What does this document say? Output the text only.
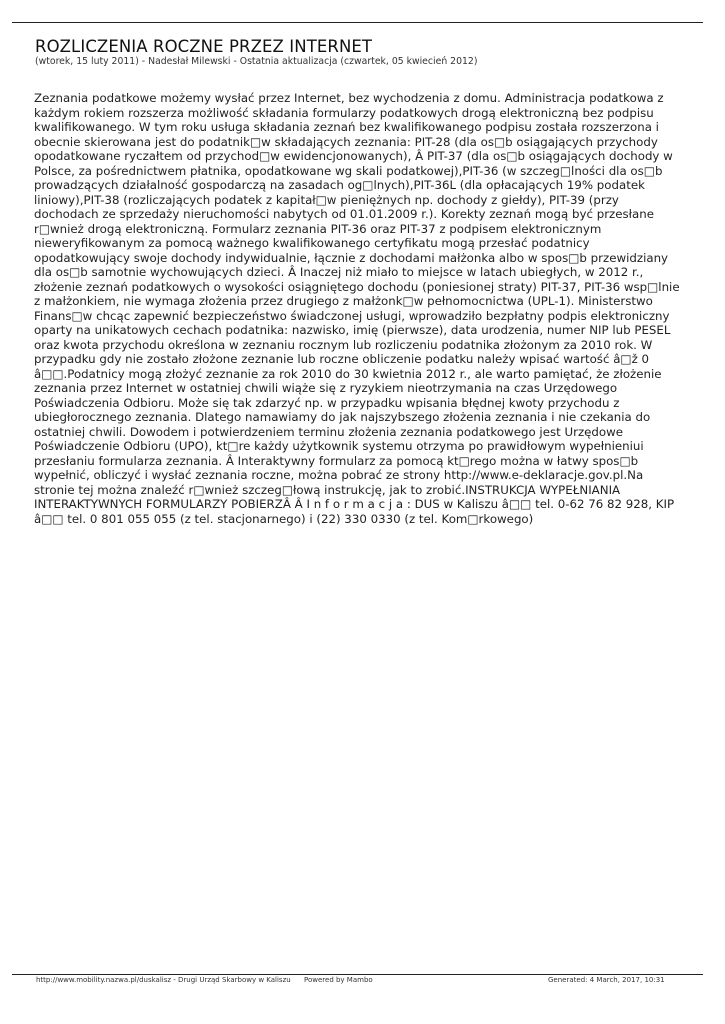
ROZLICZENIA ROCZNE PRZEZ INTERNET
(wtorek, 15 luty 2011) - Nadesłał Milewski - Ostatnia aktualizacja (czwartek, 05 kwiecień 2012)

Zeznania podatkowe możemy wysłać przez Internet, bez wychodzenia z domu. Administracja podatkowa z każdym rokiem rozszerza możliwość składania formularzy podatkowych drogą elektroniczną bez podpisu kwalifikowanego. W tym roku usługa składania zeznań bez kwalifikowanego podpisu została rozszerzona i obecnie skierowana jest do podatnik□w składających zeznania: PIT-28 (dla os□b osiągających przychody opodatkowane ryczałtem od przychod□w ewidencjonowanych), Â PIT-37 (dla os□b osiągających dochody w Polsce, za pośrednictwem płatnika, opodatkowane wg skali podatkowej),PIT-36 (w szczeg□lności dla os□b prowadzących działalność gospodarczą na zasadach og□lnych),PIT-36L (dla opłacających 19% podatek liniowy),PIT-38 (rozliczających podatek z kapitał□w pieniężnych np. dochody z giełdy), PIT-39 (przy dochodach ze sprzedaży nieruchomości nabytych od 01.01.2009 r.). Korekty zeznań mogą być przesłane r□wnież drogą elektroniczną. Formularz zeznania PIT-36 oraz PIT-37 z podpisem elektronicznym nieweryfikowanym za pomocą ważnego kwalifikowanego certyfikatu mogą przesłać podatnicy opodatkowujący swoje dochody indywidualnie, łącznie z dochodami małżonka albo w spos□b przewidziany dla os□b samotnie wychowujących dzieci. Â Inaczej niż miało to miejsce w latach ubiegłych, w 2012 r., złożenie zeznań podatkowych o wysokości osiągniętego dochodu (poniesionej straty) PIT-37, PIT-36 wsp□lnie z małżonkiem, nie wymaga złożenia przez drugiego z małżonk□w pełnomocnictwa (UPL-1). Ministerstwo Finans□w chcąc zapewnić bezpieczeństwo świadczonej usługi, wprowadziło bezpłatny podpis elektroniczny oparty na unikatowych cechach podatnika: nazwisko, imię (pierwsze), data urodzenia, numer NIP lub PESEL oraz kwota przychodu określona w zeznaniu rocznym lub rozliczeniu podatnika złożonym za 2010 rok. W przypadku gdy nie zostało złożone zeznanie lub roczne obliczenie podatku należy wpisać wartość â□ž 0 â□□.Podatnicy mogą złożyć zeznanie za rok 2010 do 30 kwietnia 2012 r., ale warto pamiętać, że złożenie zeznania przez Internet w ostatniej chwili wiąże się z ryzykiem nieotrzymania na czas Urzędowego Poświadczenia Odbioru. Może się tak zdarzyć np. w przypadku wpisania błędnej kwoty przychodu z ubiegłorocznego zeznania. Dlatego namawiamy do jak najszybszego złożenia zeznania i nie czekania do ostatniej chwili. Dowodem i potwierdzeniem terminu złożenia zeznania podatkowego jest Urzędowe Poświadczenie Odbioru (UPO), kt□re każdy użytkownik systemu otrzyma po prawidłowym wypełnieniui przesłaniu formularza zeznania. Â Interaktywny formularz za pomocą kt□rego można w łatwy spos□b wypełnić, obliczyć i wysłać zeznania roczne, można pobrać ze strony http://www.e-deklaracje.gov.pl.Na stronie tej można znaleźć r□wnież szczeg□łową instrukcję, jak to zrobić.INSTRUKCJA WYPEŁNIANIA INTERAKTYWNYCH FORMULARZY POBIERZÂ Â I n f o r m a c j a : DUS w Kaliszu â□□ tel. 0-62 76 82 928, KIP â□□ tel. 0 801 055 055 (z tel. stacjonarnego) i (22) 330 0330 (z tel. Kom□rkowego)

http://www.mobility.nazwa.pl/duskalisz - Drugi Urząd Skarbowy w Kaliszu Powered by Mambo	Generated: 4 March, 2017, 10:31
